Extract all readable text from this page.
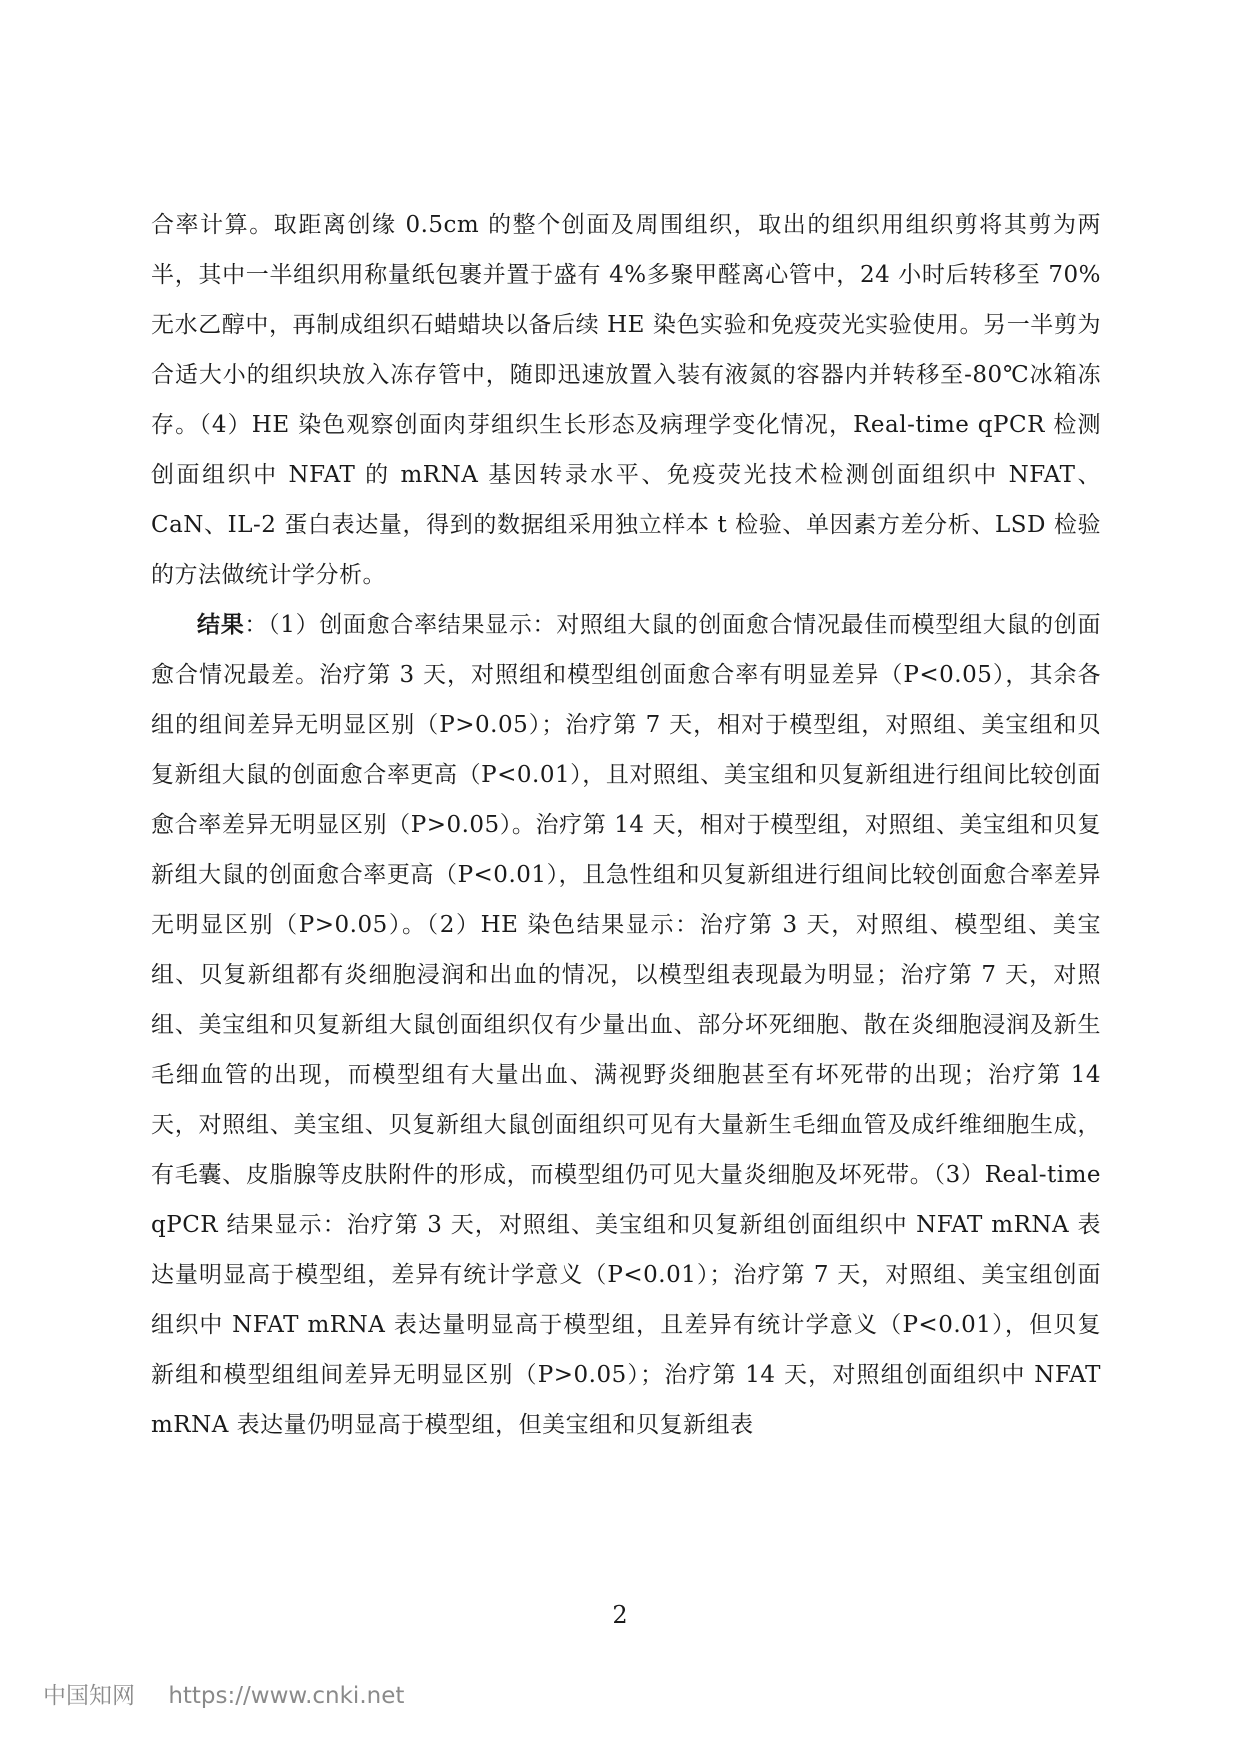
合率计算。取距离创缘 0.5cm 的整个创面及周围组织，取出的组织用组织剪将其剪为两半，其中一半组织用称量纸包裹并置于盛有 4%多聚甲醛离心管中，24 小时后转移至 70%无水乙醇中，再制成组织石蜡蜡块以备后续 HE 染色实验和免疫荧光实验使用。另一半剪为合适大小的组织块放入冻存管中，随即迅速放置入装有液氮的容器内并转移至-80℃冰箱冻存。（4）HE 染色观察创面肉芽组织生长形态及病理学变化情况，Real-time qPCR 检测创面组织中 NFAT 的 mRNA 基因转录水平、免疫荧光技术检测创面组织中 NFAT、CaN、IL-2 蛋白表达量，得到的数据组采用独立样本 t 检验、单因素方差分析、LSD 检验的方法做统计学分析。

结果：（1）创面愈合率结果显示：对照组大鼠的创面愈合情况最佳而模型组大鼠的创面愈合情况最差。治疗第 3 天，对照组和模型组创面愈合率有明显差异（P<0.05），其余各组的组间差异无明显区别（P>0.05）；治疗第 7 天，相对于模型组，对照组、美宝组和贝复新组大鼠的创面愈合率更高（P<0.01），且对照组、美宝组和贝复新组进行组间比较创面愈合率差异无明显区别（P>0.05）。治疗第 14 天，相对于模型组，对照组、美宝组和贝复新组大鼠的创面愈合率更高（P<0.01），且急性组和贝复新组进行组间比较创面愈合率差异无明显区别（P>0.05）。（2）HE 染色结果显示：治疗第 3 天，对照组、模型组、美宝组、贝复新组都有炎细胞浸润和出血的情况，以模型组表现最为明显；治疗第 7 天，对照组、美宝组和贝复新组大鼠创面组织仅有少量出血、部分坏死细胞、散在炎细胞浸润及新生毛细血管的出现，而模型组有大量出血、满视野炎细胞甚至有坏死带的出现；治疗第 14 天，对照组、美宝组、贝复新组大鼠创面组织可见有大量新生毛细血管及成纤维细胞生成，有毛囊、皮脂腺等皮肤附件的形成，而模型组仍可见大量炎细胞及坏死带。（3）Real-time qPCR 结果显示：治疗第 3 天，对照组、美宝组和贝复新组创面组织中 NFAT mRNA 表达量明显高于模型组，差异有统计学意义（P<0.01）；治疗第 7 天，对照组、美宝组创面组织中 NFAT mRNA 表达量明显高于模型组，且差异有统计学意义（P<0.01），但贝复新组和模型组组间差异无明显区别（P>0.05）；治疗第 14 天，对照组创面组织中 NFAT mRNA 表达量仍明显高于模型组，但美宝组和贝复新组表

2
中国知网 https://www.cnki.net
